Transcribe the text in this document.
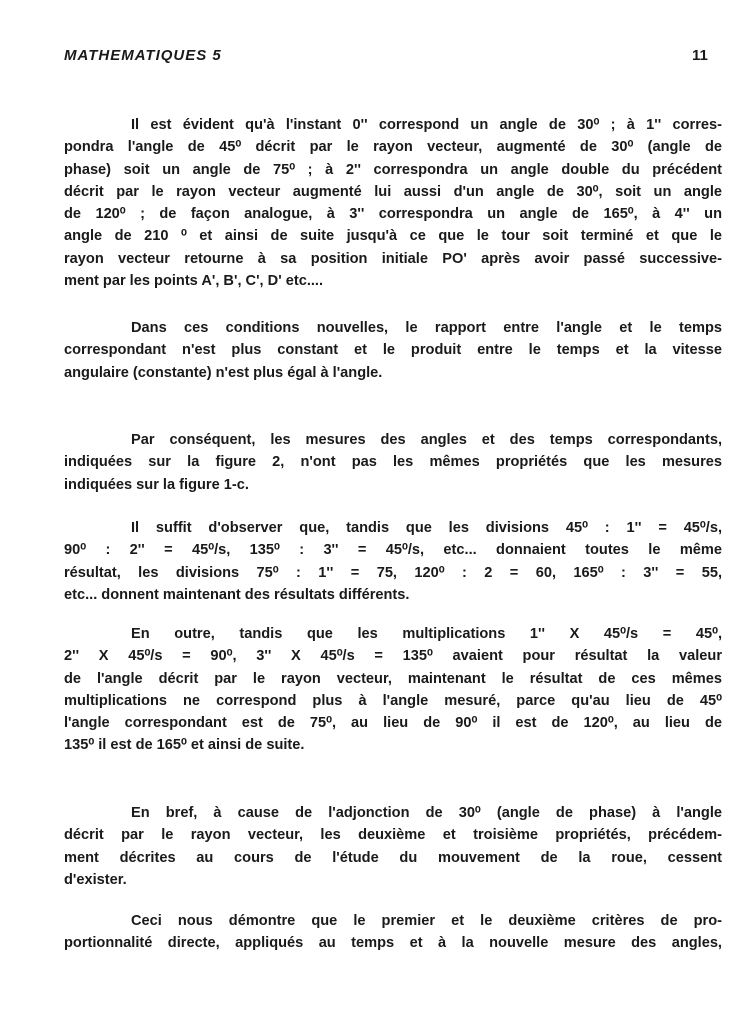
MATHEMATIQUES 5	11
Il est évident qu'à l'instant 0'' correspond un angle de 30⁰ ; à 1'' corres-
pondra l'angle de 45⁰ décrit par le rayon vecteur, augmenté de 30⁰ (angle de
phase) soit un angle de 75⁰ ; à 2'' correspondra un angle double du précédent
décrit par le rayon vecteur augmenté lui aussi d'un angle de 30⁰, soit un angle
de 120⁰ ; de façon analogue, à 3'' correspondra un angle de 165⁰, à 4'' un
angle de 210 ⁰ et ainsi de suite jusqu'à ce que le tour soit terminé et que le
rayon vecteur retourne à sa position initiale PO' après avoir passé successive-
ment par les points A', B', C', D' etc....
Dans ces conditions nouvelles, le rapport entre l'angle et le temps
correspondant n'est plus constant et le produit entre le temps et la vitesse
angulaire (constante) n'est plus égal à l'angle.
Par conséquent, les mesures des angles et des temps correspondants,
indiquées sur la figure 2, n'ont pas les mêmes propriétés que les mesures
indiquées sur la figure 1-c.
Il suffit d'observer que, tandis que les divisions 45⁰ : 1'' = 45⁰/s,
90⁰ : 2'' = 45⁰/s, 135⁰ : 3'' = 45⁰/s, etc... donnaient toutes le même
résultat, les divisions 75⁰ : 1'' = 75, 120⁰ : 2 = 60, 165⁰ : 3'' = 55,
etc... donnent maintenant des résultats différents.
En outre, tandis que les multiplications 1'' X 45⁰/s = 45⁰,
2'' X 45⁰/s = 90⁰, 3'' X 45⁰/s = 135⁰ avaient pour résultat la valeur
de l'angle décrit par le rayon vecteur, maintenant le résultat de ces mêmes
multiplications ne correspond plus à l'angle mesuré, parce qu'au lieu de 45⁰
l'angle correspondant est de 75⁰, au lieu de 90⁰ il est de 120⁰, au lieu de
135⁰ il est de 165⁰ et ainsi de suite.
En bref, à cause de l'adjonction de 30⁰ (angle de phase) à l'angle
décrit par le rayon vecteur, les deuxième et troisième propriétés, précédem-
ment décrites au cours de l'étude du mouvement de la roue, cessent
d'exister.
Ceci nous démontre que le premier et le deuxième critères de pro-
portionnalité directe, appliqués au temps et à la nouvelle mesure des angles,
